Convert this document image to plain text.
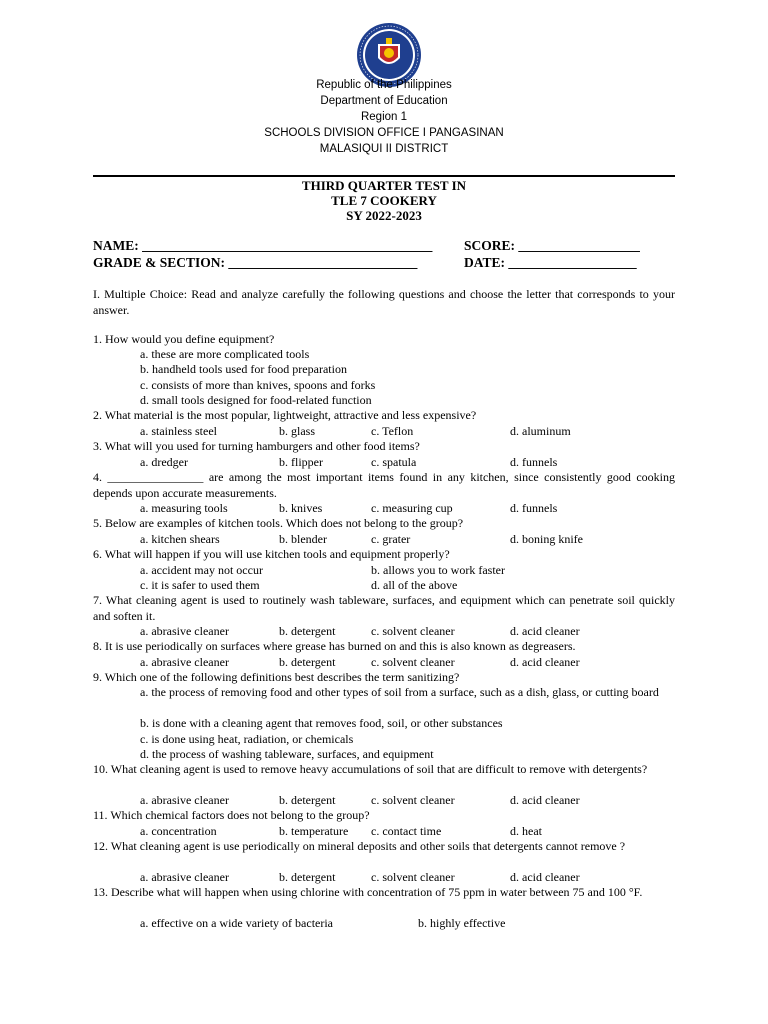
Republic of the Philippines
Department of Education
Region 1
SCHOOLS DIVISION OFFICE I PANGASINAN
MALASIQUI II DISTRICT
THIRD QUARTER TEST IN
TLE 7 COOKERY
SY 2022-2023
NAME: ___________________________________________ SCORE: __________________
GRADE & SECTION: ____________________________	DATE: ___________________
I. Multiple Choice: Read and analyze carefully the following questions and choose the letter that corresponds to your answer.
1. How would you define equipment?
a. these are more complicated tools
b. handheld tools used for food preparation
c. consists of more than knives, spoons and forks
d. small tools designed for food-related function
2. What material is the most popular, lightweight, attractive and less expensive?
a. stainless steel	b. glass	c. Teflon	d. aluminum
3. What will you used for turning hamburgers and other food items?
a. dredger	b. flipper	c. spatula	d. funnels
4. ________________ are among the most important items found in any kitchen, since consistently good cooking depends upon accurate measurements.
a. measuring tools	b. knives	c. measuring cup	d. funnels
5. Below are examples of kitchen tools. Which does not belong to the group?
a. kitchen shears	b. blender	c. grater	d. boning knife
6. What will happen if you will use kitchen tools and equipment properly?
a. accident may not occur	b. allows you to work faster
c. it is safer to used them	d. all of the above
7. What cleaning agent is used to routinely wash tableware, surfaces, and equipment which can penetrate soil quickly and soften it.
a. abrasive cleaner	b. detergent	c. solvent cleaner	d. acid cleaner
8. It is use periodically on surfaces where grease has burned on and this is also known as degreasers.
a. abrasive cleaner	b. detergent	c. solvent cleaner	d. acid cleaner
9. Which one of the following definitions best describes the term sanitizing?
a. the process of removing food and other types of soil from a surface, such as a dish, glass, or cutting board
b. is done with a cleaning agent that removes food, soil, or other substances
c. is done using heat, radiation, or chemicals
d. the process of washing tableware, surfaces, and equipment
10. What cleaning agent is used to remove heavy accumulations of soil that are difficult to remove with detergents?
a. abrasive cleaner	b. detergent	c. solvent cleaner	d. acid cleaner
11. Which chemical factors does not belong to the group?
a. concentration	b. temperature c. contact time	d. heat
12. What cleaning agent is use periodically on mineral deposits and other soils that detergents cannot remove ?
a. abrasive cleaner	b. detergent	c. solvent cleaner	d. acid cleaner
13. Describe what will happen when using chlorine with concentration of 75 ppm in water between 75 and 100 °F.
a. effective on a wide variety of bacteria	b. highly effective
